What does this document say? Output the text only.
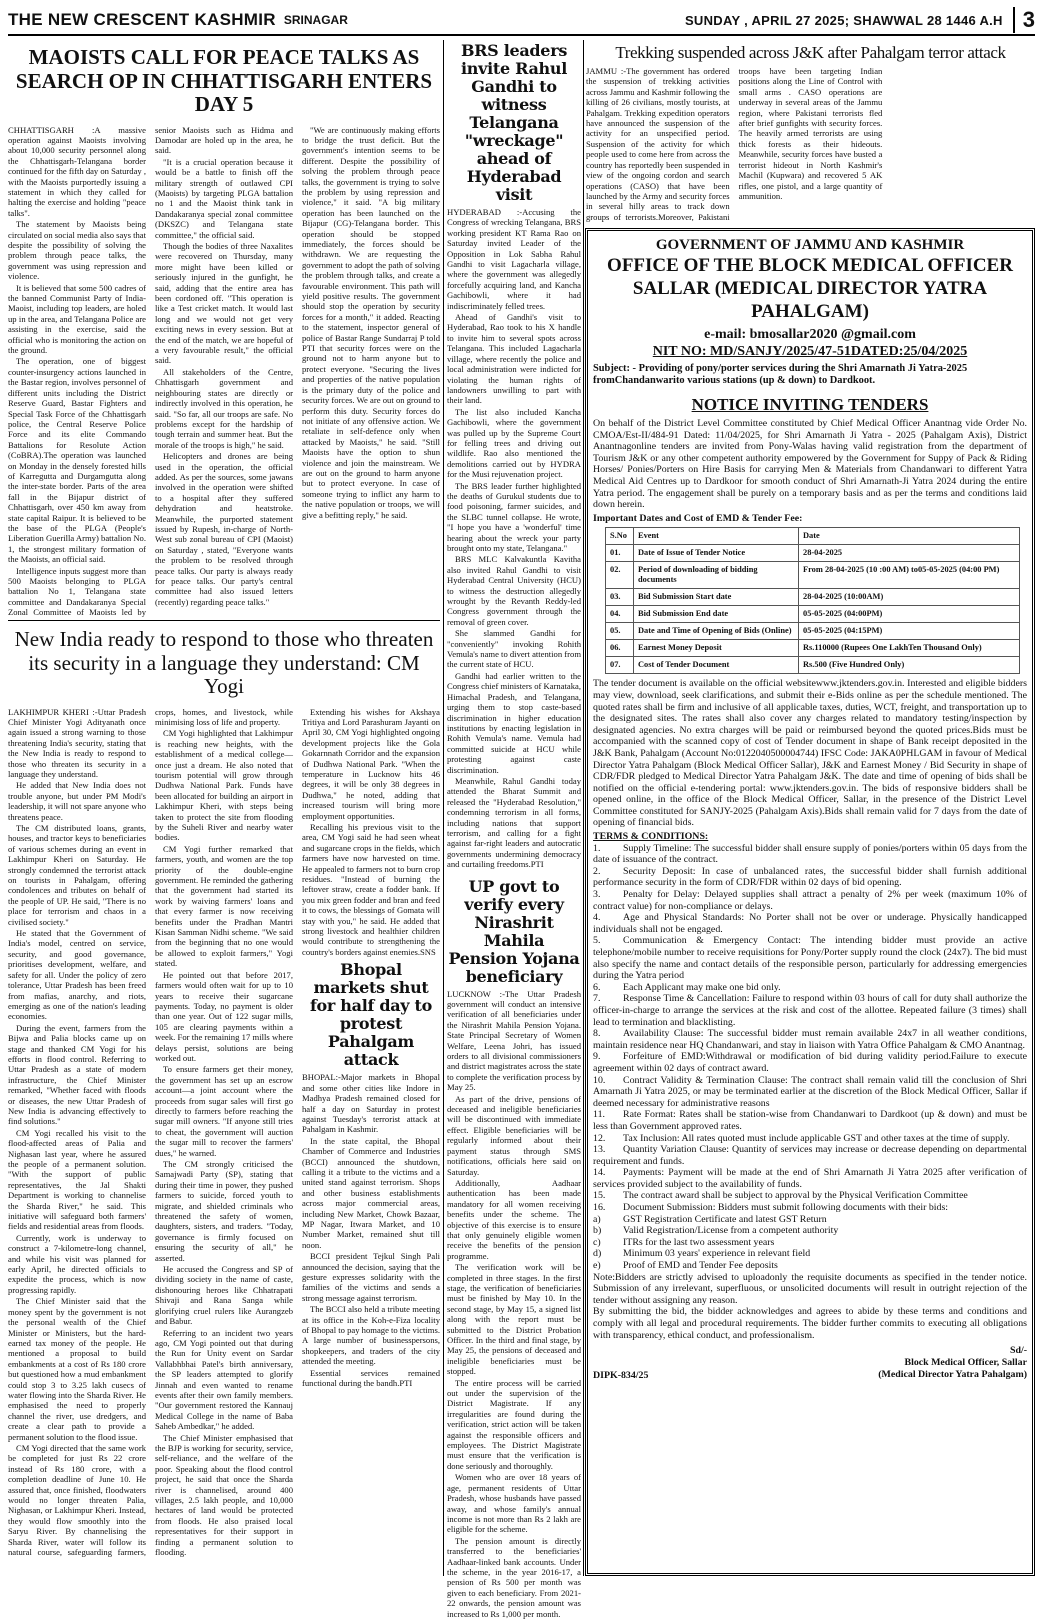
THE NEW CRESCENT KASHMIR SRINAGAR	SUNDAY , APRIL 27 2025; SHAWWAL 28 1446 A.H 3
MAOISTS CALL FOR PEACE TALKS AS SEARCH OP IN CHHATTISGARH ENTERS DAY 5

CHHATTISGARH :A massive operation against Maoists involving about 10,000 security personnel along the Chhattisgarh-Telangana border continued for the fifth day on Saturday , with the Maoists purportedly issuing a statement in which they called for halting the exercise and holding "peace talks".

The statement by Maoists being circulated on social media also says that despite the possibility of solving the problem through peace talks, the government was using repression and violence.

It is believed that some 500 cadres of the banned Communist Party of India-Maoist, including top leaders, are holed up in the area, and Telangana Police are assisting in the exercise, said the official who is monitoring the action on the ground.

The operation, one of biggest counter-insurgency actions launched in the Bastar region, involves personnel of different units including the District Reserve Guard, Bastar Fighters and Special Task Force of the Chhattisgarh police, the Central Reserve Police Force and its elite Commando Battalions for Resolute Action (CoBRA).The operation was launched on Monday in the densely forested hills of Karregutta and Durgamgutta along the inter-state border. Parts of the area fall in the Bijapur district of Chhattisgarh, over 450 km away from state capital Raipur. It is believed to be the base of the PLGA (People's Liberation Guerilla Army) battalion No. 1, the strongest military formation of the Maoists, an official said.

Intelligence inputs suggest more than 500 Maoists belonging to PLGA battalion No 1, Telangana state committee and Dandakaranya Special Zonal Committee of Maoists led by senior Maoists such as Hidma and Damodar are holed up in the area, he said.

"It is a crucial operation because it would be a battle to finish off the military strength of outlawed CPI (Maoists) by targeting PLGA battalion no 1 and the Maoist think tank in Dandakaranya special zonal committee (DKSZC) and Telangana state committee," the official said.

Though the bodies of three Naxalites were recovered on Thursday, many more might have been killed or seriously injured in the gunfight, he said, adding that the entire area has been cordoned off. "This operation is like a Test cricket match. It would last long and we would not get very exciting news in every session. But at the end of the match, we are hopeful of a very favourable result," the official said.

All stakeholders of the Centre, Chhattisgarh government and neighbouring states are directly or indirectly involved in this operation, he said. "So far, all our troops are safe. No problems except for the hardship of tough terrain and summer heat. But the morale of the troops is high," he said.

Helicopters and drones are being used in the operation, the official added. As per the sources, some jawans involved in the operation were shifted to a hospital after they suffered dehydration and heatstroke. Meanwhile, the purported statement issued by Rupesh, in-charge of North-West sub zonal bureau of CPI (Maoist) on Saturday , stated, "Everyone wants the problem to be resolved through peace talks. Our party is always ready for peace talks. Our party's central committee had also issued letters (recently) regarding peace talks."

"We are continuously making efforts to bridge the trust deficit. But the government's intention seems to be different. Despite the possibility of solving the problem through peace talks, the government is trying to solve the problem by using repression and violence," it said. "A big military operation has been launched on the Bijapur (CG)-Telangana border. This operation should be stopped immediately, the forces should be withdrawn. We are requesting the government to adopt the path of solving the problem through talks, and create a favourable environment. This path will yield positive results. The government should stop the operation by security forces for a month," it added. Reacting to the statement, inspector general of police of Bastar Range Sundarraj P told PTI that security forces were on the ground not to harm anyone but to protect everyone. "Securing the lives and properties of the native population is the primary duty of the police and security forces. We are out on ground to perform this duty. Security forces do not initiate of any offensive action. We retaliate in self-defence only when attacked by Maoists," he said. "Still Maoists have the option to shun violence and join the mainstream. We are out on the ground to harm anyone but to protect everyone. In case of someone trying to inflict any harm to the native population or troops, we will give a befitting reply," he said.

New India ready to respond to those who threaten its security in a language they understand: CM Yogi

LAKHIMPUR KHERI :-Uttar Pradesh Chief Minister Yogi Adityanath once again issued a strong warning to those threatening India's security, stating that the New India is ready to respond to those who threaten its security in a language they understand.

He added that New India does not trouble anyone, but under PM Modi's leadership, it will not spare anyone who threatens peace.

The CM distributed loans, grants, houses, and tractor keys to beneficiaries of various schemes during an event in Lakhimpur Kheri on Saturday. He strongly condemned the terrorist attack on tourists in Pahalgam, offering condolences and tributes on behalf of the people of UP. He said, "There is no place for terrorism and chaos in a civilised society."

He stated that the Government of India's model, centred on service, security, and good governance, prioritises development, welfare, and safety for all. Under the policy of zero tolerance, Uttar Pradesh has been freed from mafias, anarchy, and riots, emerging as one of the nation's leading economies.

During the event, farmers from the Bijwa and Palia blocks came up on stage and thanked CM Yogi for his efforts in flood control. Referring to Uttar Pradesh as a state of modern infrastructure, the Chief Minister remarked, "Whether faced with floods or diseases, the new Uttar Pradesh of New India is advancing effectively to find solutions."

CM Yogi recalled his visit to the flood-affected areas of Palia and Nighasan last year, where he assured the people of a permanent solution. "With the support of public representatives, the Jal Shakti Department is working to channelise the Sharda River," he said. This initiative will safeguard both farmers' fields and residential areas from floods.

Currently, work is underway to construct a 7-kilometre-long channel, and while his visit was planned for early April, he directed officials to expedite the process, which is now progressing rapidly.

The Chief Minister said that the money spent by the government is not the personal wealth of the Chief Minister or Ministers, but the hard-earned tax money of the people. He mentioned a proposal to build embankments at a cost of Rs 180 crore but questioned how a mud embankment could stop 3 to 3.25 lakh cusecs of water flowing into the Sharda River. He emphasised the need to properly channel the river, use dredgers, and create a clear path to provide a permanent solution to the flood issue.

CM Yogi directed that the same work be completed for just Rs 22 crore instead of Rs 180 crore, with a completion deadline of June 10. He assured that, once finished, floodwaters would no longer threaten Palia, Nighasan, or Lakhimpur Kheri. Instead, they would flow smoothly into the Saryu River. By channelising the Sharda River, water will follow its natural course, safeguarding farmers, crops, homes, and livestock, while minimising loss of life and property.

CM Yogi highlighted that Lakhimpur is reaching new heights, with the establishment of a medical college—once just a dream. He also noted that tourism potential will grow through Dudhwa National Park. Funds have been allocated for building an airport in Lakhimpur Kheri, with steps being taken to protect the site from flooding by the Suheli River and nearby water bodies.

CM Yogi further remarked that farmers, youth, and women are the top priority of the double-engine government. He reminded the gathering that the government had started its work by waiving farmers' loans and that every farmer is now receiving benefits under the Pradhan Mantri Kisan Samman Nidhi scheme. "We said from the beginning that no one would be allowed to exploit farmers," Yogi stated.

He pointed out that before 2017, farmers would often wait for up to 10 years to receive their sugarcane payments. Today, no payment is older than one year. Out of 122 sugar mills, 105 are clearing payments within a week. For the remaining 17 mills where delays persist, solutions are being worked out.

To ensure farmers get their money, the government has set up an escrow account—a joint account where the proceeds from sugar sales will first go directly to farmers before reaching the sugar mill owners. "If anyone still tries to cheat, the government will auction the sugar mill to recover the farmers' dues," he warned.

The CM strongly criticised the Samajwadi Party (SP), stating that during their time in power, they pushed farmers to suicide, forced youth to migrate, and shielded criminals who threatened the safety of women, daughters, sisters, and traders. "Today, governance is firmly focused on ensuring the security of all," he asserted.

He accused the Congress and SP of dividing society in the name of caste, dishonouring heroes like Chhatrapati Shivaji and Rana Sanga while glorifying cruel rulers like Aurangzeb and Babur.

Referring to an incident two years ago, CM Yogi pointed out that during the Run for Unity event on Sardar Vallabhbhai Patel's birth anniversary, the SP leaders attempted to glorify Jinnah and even wanted to rename events after their own family members. "Our government restored the Kannauj Medical College in the name of Baba Saheb Ambedkar," he added.

The Chief Minister emphasised that the BJP is working for security, service, self-reliance, and the welfare of the poor. Speaking about the flood control project, he said that once the Sharda river is channelised, around 400 villages, 2.5 lakh people, and 10,000 hectares of land would be protected from floods. He also praised local representatives for their support in finding a permanent solution to flooding.

Extending his wishes for Akshaya Tritiya and Lord Parashuram Jayanti on April 30, CM Yogi highlighted ongoing development projects like the Gola Gokarnnath Corridor and the expansion of Dudhwa National Park. "When the temperature in Lucknow hits 46 degrees, it will be only 38 degrees in Dudhwa," he noted, adding that increased tourism will bring more employment opportunities.

Recalling his previous visit to the area, CM Yogi said he had seen wheat and sugarcane crops in the fields, which farmers have now harvested on time. He appealed to farmers not to burn crop residues. "Instead of burning the leftover straw, create a fodder bank. If you mix green fodder and bran and feed it to cows, the blessings of Gomata will stay with you," he said. He added that strong livestock and healthier children would contribute to strengthening the country's borders against enemies.SNS

Bhopal markets shut for half day to protest Pahalgam attack

BHOPAL:-Major markets in Bhopal and some other cities like Indore in Madhya Pradesh remained closed for half a day on Saturday in protest against Tuesday's terrorist attack at Pahalgam in Kashmir.

In the state capital, the Bhopal Chamber of Commerce and Industries (BCCI) announced the shutdown, calling it a tribute to the victims and a united stand against terrorism. Shops and other business establishments across major commercial areas, including New Market, Chowk Bazaar, MP Nagar, Itwara Market, and 10 Number Market, remained shut till noon.

BCCI president Tejkul Singh Pali announced the decision, saying that the gesture expresses solidarity with the families of the victims and sends a strong message against terrorism.

The BCCI also held a tribute meeting at its office in the Koh-e-Fiza locality of Bhopal to pay homage to the victims. A large number of businesspersons, shopkeepers, and traders of the city attended the meeting.

Essential services remained functional during the bandh.PTI

BRS leaders invite Rahul Gandhi to witness Telangana "wreckage" ahead of Hyderabad visit

HYDERABAD :-Accusing the Congress of wrecking Telangana, BRS working president KT Rama Rao on Saturday invited Leader of the Opposition in Lok Sabha Rahul Gandhi to visit Lagacharla village, where the government was allegedly forcefully acquiring land, and Kancha Gachibowli, where it had indiscriminately felled trees.

Ahead of Gandhi's visit to Hyderabad, Rao took to his X handle to invite him to several spots across Telangana. This included Lagacharla village, where recently the police and local administration were indicted for violating the human rights of landowners unwilling to part with their land.

The list also included Kancha Gachibowli, where the government was pulled up by the Supreme Court for felling trees and driving out wildlife. Rao also mentioned the demolitions carried out by HYDRA for the Musi rejuvenation project.

The BRS leader further highlighted the deaths of Gurukul students due to food poisoning, farmer suicides, and the SLBC tunnel collapse. He wrote, "I hope you have a 'wonderful' time hearing about the wreck your party brought onto my state, Telangana."

BRS MLC Kalvakuntla Kavitha also invited Rahul Gandhi to visit Hyderabad Central University (HCU) to witness the destruction allegedly wrought by the Revanth Reddy-led Congress government through the removal of green cover.

She slammed Gandhi for "conveniently" invoking Rohith Vemula's name to divert attention from the current state of HCU.

Gandhi had earlier written to the Congress chief ministers of Karnataka, Himachal Pradesh, and Telangana, urging them to stop caste-based discrimination in higher education institutions by enacting legislation in Rohith Vemula's name. Vemula had committed suicide at HCU while protesting against caste discrimination.

Meanwhile, Rahul Gandhi today attended the Bharat Summit and released the "Hyderabad Resolution," condemning terrorism in all forms, including nations that support terrorism, and calling for a fight against far-right leaders and autocratic governments undermining democracy and curtailing freedoms.PTI

UP govt to verify every Nirashrit Mahila Pension Yojana beneficiary

LUCKNOW :-The Uttar Pradesh government will conduct an intensive verification of all beneficiaries under the Nirashrit Mahila Pension Yojana. State Principal Secretary of Women Welfare, Leena Johri, has issued orders to all divisional commissioners and district magistrates across the state to complete the verification process by May 25.

As part of the drive, pensions of deceased and ineligible beneficiaries will be discontinued with immediate effect. Eligible beneficiaries will be regularly informed about their payment status through SMS notifications, officials here said on Saturday.

Additionally, Aadhaar authentication has been made mandatory for all women receiving benefits under the scheme. The objective of this exercise is to ensure that only genuinely eligible women receive the benefits of the pension programme.

The verification work will be completed in three stages. In the first stage, the verification of beneficiaries must be finished by May 10. In the second stage, by May 15, a signed list along with the report must be submitted to the District Probation Officer. In the third and final stage, by May 25, the pensions of deceased and ineligible beneficiaries must be stopped.

The entire process will be carried out under the supervision of the District Magistrate. If any irregularities are found during the verification, strict action will be taken against the responsible officers and employees. The District Magistrate must ensure that the verification is done seriously and thoroughly.

Women who are over 18 years of age, permanent residents of Uttar Pradesh, whose husbands have passed away, and whose family's annual income is not more than Rs 2 lakh are eligible for the scheme.

The pension amount is directly transferred to the beneficiaries' Aadhaar-linked bank accounts. Under the scheme, in the year 2016-17, a pension of Rs 500 per month was given to each beneficiary. From 2021-22 onwards, the pension amount was increased to Rs 1,000 per month.

Trekking suspended across J&K after Pahalgam terror attack

JAMMU :-The government has ordered the suspension of trekking activities across Jammu and Kashmir following the killing of 26 civilians, mostly tourists, at Pahalgam. Trekking expedition operators have announced the suspension of the activity for an unspecified period. Suspension of the activity for which people used to come here from across the country has reportedly been suspended in view of the ongoing cordon and search operations (CASO) that have been launched by the Army and security forces in several hilly areas to track down groups of terrorists.Moreover, Pakistani troops have been targeting Indian positions along the Line of Control with small arms . CASO operations are underway in several areas of the Jammu region, where Pakistani terrorists fled after brief gunfights with security forces. The heavily armed terrorists are using thick forests as their hideouts. Meanwhile, security forces have busted a terrorist hideout in North Kashmir's Machil (Kupwara) and recovered 5 AK rifles, one pistol, and a large quantity of ammunition.

GOVERNMENT OF JAMMU AND KASHMIR
OFFICE OF THE BLOCK MEDICAL OFFICER SALLAR (MEDICAL DIRECTOR YATRA PAHALGAM)
e-mail: bmosallar2020 @gmail.com
NIT NO: MD/SANJY/2025/47-51DATED:25/04/2025
Subject: - Providing of pony/porter services during the Shri Amarnath Ji Yatra-2025 fromChandanwarito various stations (up & down) to Dardkoot.
NOTICE INVITING TENDERS

On behalf of the District Level Committee constituted by Chief Medical Officer Anantnag vide Order No. CMOA/Est-II/484-91 Dated: 11/04/2025, for Shri Amarnath Ji Yatra - 2025 (Pahalgam Axis), District Anantnagonline tenders are invited from Pony-Walas having valid registration from the department of Tourism J&K or any other competent authority empowered by the Government for Suppy of Pack & Riding Horses/ Ponies/Porters on Hire Basis for carrying Men & Materials from Chandanwari to different Yatra Medical Aid Centres up to Dardkoor for smooth conduct of Shri Amarnath-Ji Yatra 2024 during the entire Yatra period. The engagement shall be purely on a temporary basis and as per the terms and conditions laid down herein.

Important Dates and Cost of EMD & Tender Fee:
S.No	Event	Date
01.	Date of Issue of Tender Notice	28-04-2025
02.	Period of downloading of bidding documents	From 28-04-2025 (10 :00 AM) to05-05-2025 (04:00 PM)
03.	Bid Submission Start date	28-04-2025 (10:00AM)
04.	Bid Submission End date	05-05-2025 (04:00PM)
05.	Date and Time of Opening of Bids (Online)	05-05-2025 (04:15PM)
06.	Earnest Money Deposit	Rs.110000 (Rupees One LakhTen Thousand Only)
07.	Cost of Tender Document	Rs.500 (Five Hundred Only)

The tender document is available on the official websitewww.jktenders.gov.in. Interested and eligible bidders may view, download, seek clarifications, and submit their e-Bids online as per the schedule mentioned. The quoted rates shall be firm and inclusive of all applicable taxes, duties, WCT, freight, and transportation up to the designated sites. The rates shall also cover any charges related to mandatory testing/inspection by designated agencies. No extra charges will be paid or reimbursed beyond the quoted prices.Bids must be accompanied with the scanned copy of cost of Tender document in shape of Bank receipt deposited in the J&K Bank, Pahalgam (Account No:0122040500004744) IFSC Code: JAKA0PHLGAM in favour of Medical Director Yatra Pahalgam (Block Medical Officer Sallar), J&K and Earnest Money / Bid Security in shape of CDR/FDR pledged to Medical Director Yatra Pahalgam J&K. The date and time of opening of bids shall be notified on the official e-tendering portal: www.jktenders.gov.in. The bids of responsive bidders shall be opened online, in the office of the Block Medical Officer, Sallar, in the presence of the District Level Committee constituted for SANJY-2025 (Pahalgam Axis).Bids shall remain valid for 7 days from the date of opening of financial bids.

TERMS & CONDITIONS:
1. Supply Timeline: The successful bidder shall ensure supply of ponies/porters within 05 days from the date of issuance of the contract.
2. Security Deposit: In case of unbalanced rates, the successful bidder shall furnish additional performance security in the form of CDR/FDR within 02 days of bid opening.
3. Penalty for Delay: Delayed supplies shall attract a penalty of 2% per week (maximum 10% of contract value) for non-compliance or delays.
4. Age and Physical Standards: No Porter shall not be over or underage. Physically handicapped individuals shall not be engaged.
5. Communication & Emergency Contact: The intending bidder must provide an active telephone/mobile number to receive requisitions for Pony/Porter supply round the clock (24x7). The bid must also specify the name and contact details of the responsible person, particularly for addressing emergencies during the Yatra period
6. Each Applicant may make one bid only.
7. Response Time & Cancellation: Failure to respond within 03 hours of call for duty shall authorize the officer-in-charge to arrange the services at the risk and cost of the allottee. Repeated failure (3 times) shall lead to termination and blacklisting.
8. Availability Clause: The successful bidder must remain available 24x7 in all weather conditions, maintain residence near HQ Chandanwari, and stay in liaison with Yatra Office Pahalgam & CMO Anantnag.
9. Forfeiture of EMD:Withdrawal or modification of bid during validity period.Failure to execute agreement within 02 days of contract award.
10. Contract Validity & Termination Clause: The contract shall remain valid till the conclusion of Shri Amarnath Ji Yatra 2025, or may be terminated earlier at the discretion of the Block Medical Officer, Sallar if deemed necessary for administrative reasons
11. Rate Format: Rates shall be station-wise from Chandanwari to Dardkoot (up & down) and must be less than Government approved rates.
12. Tax Inclusion: All rates quoted must include applicable GST and other taxes at the time of supply.
13. Quantity Variation Clause: Quantity of services may increase or decrease depending on departmental requirement and funds.
14. Payments: Payment will be made at the end of Shri Amarnath Ji Yatra 2025 after verification of services provided subject to the availability of funds.
15. The contract award shall be subject to approval by the Physical Verification Committee
16. Document Submission: Bidders must submit following documents with their bids:
a) GST Registration Certificate and latest GST Return
b) Valid Registration/License from a competent authority
c) ITRs for the last two assessment years
d) Minimum 03 years' experience in relevant field
e) Proof of EMD and Tender Fee deposits

Note:Bidders are strictly advised to uploadonly the requisite documents as specified in the tender notice. Submission of any irrelevant, superfluous, or unsolicited documents will result in outright rejection of the tender without assigning any reason.

By submitting the bid, the bidder acknowledges and agrees to abide by these terms and conditions and comply with all legal and procedural requirements. The bidder further commits to executing all obligations with transparency, ethical conduct, and professionalism.

DIPK-834/25
Sd/-
Block Medical Officer, Sallar
(Medical Director Yatra Pahalgam)
